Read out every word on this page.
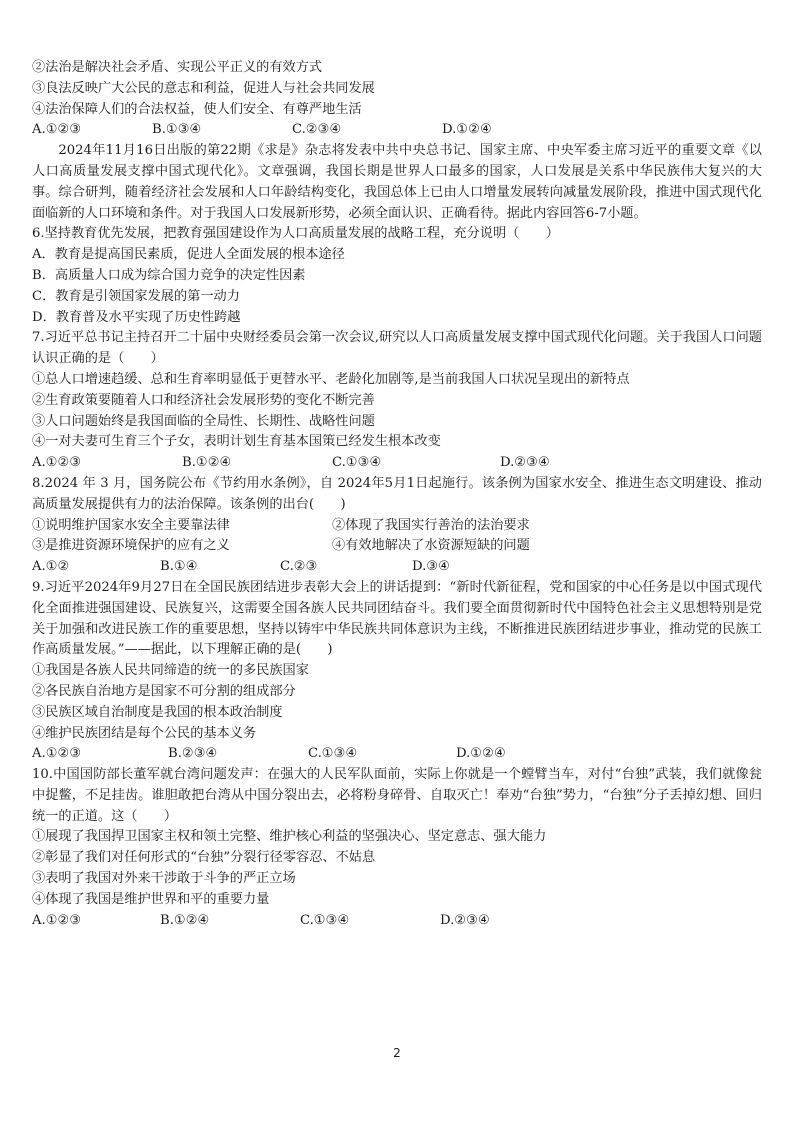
②法治是解决社会矛盾、实现公平正义的有效方式
③良法反映广大公民的意志和利益，促进人与社会共同发展
④法治保障人们的合法权益，使人们安全、有尊严地生活
A.①②③	B.①③④	C.②③④	D.①②④
2024年11月16日出版的第22期《求是》杂志将发表中共中央总书记、国家主席、中央军委主席习近平的重要文章《以人口高质量发展支撑中国式现代化》。文章强调，我国长期是世界人口最多的国家，人口发展是关系中华民族伟大复兴的大事。综合研判，随着经济社会发展和人口年龄结构变化，我国总体上已由人口增量发展转向减量发展阶段，推进中国式现代化面临新的人口环境和条件。对于我国人口发展新形势，必须全面认识、正确看待。据此内容回答6-7小题。
6.坚持教育优先发展，把教育强国建设作为人口高质量发展的战略工程，充分说明（　　）
A．教育是提高国民素质，促进人全面发展的根本途径
B．高质量人口成为综合国力竞争的决定性因素
C．教育是引领国家发展的第一动力
D．教育普及水平实现了历史性跨越
7.习近平总书记主持召开二十届中央财经委员会第一次会议,研究以人口高质量发展支撑中国式现代化问题。关于我国人口问题认识正确的是（　　）
①总人口增速趋缓、总和生育率明显低于更替水平、老龄化加剧等,是当前我国人口状况呈现出的新特点
②生育政策要随着人口和经济社会发展形势的变化不断完善
③人口问题始终是我国面临的全局性、长期性、战略性问题
④一对夫妻可生育三个子女，表明计划生育基本国策已经发生根本改变
A.①②③	B.①②④	C.①③④	D.②③④
8.2024 年 3 月，国务院公布《节约用水条例》，自 2024年5月1日起施行。该条例为国家水安全、推进生态文明建设、推动高质量发展提供有力的法治保障。该条例的出台(　　)
①说明维护国家水安全主要靠法律	②体现了我国实行善治的法治要求
③是推进资源环境保护的应有之义	④有效地解决了水资源短缺的问题
A.①②	B.①④	C.②③	D.③④
9.习近平2024年9月27日在全国民族团结进步表彰大会上的讲话提到：“新时代新征程，党和国家的中心任务是以中国式现代化全面推进强国建设、民族复兴，这需要全国各族人民共同团结奋斗。我们要全面贯彻新时代中国特色社会主义思想特别是党关于加强和改进民族工作的重要思想，坚持以铸牢中华民族共同体意识为主线，不断推进民族团结进步事业，推动党的民族工作高质量发展。”——据此，以下理解正确的是(　　)
①我国是各族人民共同缔造的统一的多民族国家
②各民族自治地方是国家不可分割的组成部分
③民族区域自治制度是我国的根本政治制度
④维护民族团结是每个公民的基本义务
A.①②③	B.②③④	C.①③④	D.①②④
10.中国国防部长董军就台湾问题发声：在强大的人民军队面前，实际上你就是一个螳臂当车，对付“台独”武装，我们就像瓮中捉鳖，不足挂齿。谁胆敢把台湾从中国分裂出去，必将粉身碎骨、自取灭亡！奉劝“台独”势力，“台独”分子丢掉幻想、回归统一的正道。这（　　）
①展现了我国捍卫国家主权和领土完整、维护核心利益的坚强决心、坚定意志、强大能力
②彰显了我们对任何形式的“台独”分裂行径零容忍、不姑息
③表明了我国对外来干涉敢于斗争的严正立场
④体现了我国是维护世界和平的重要力量
A.①②③	B.①②④	C.①③④	D.②③④
2
